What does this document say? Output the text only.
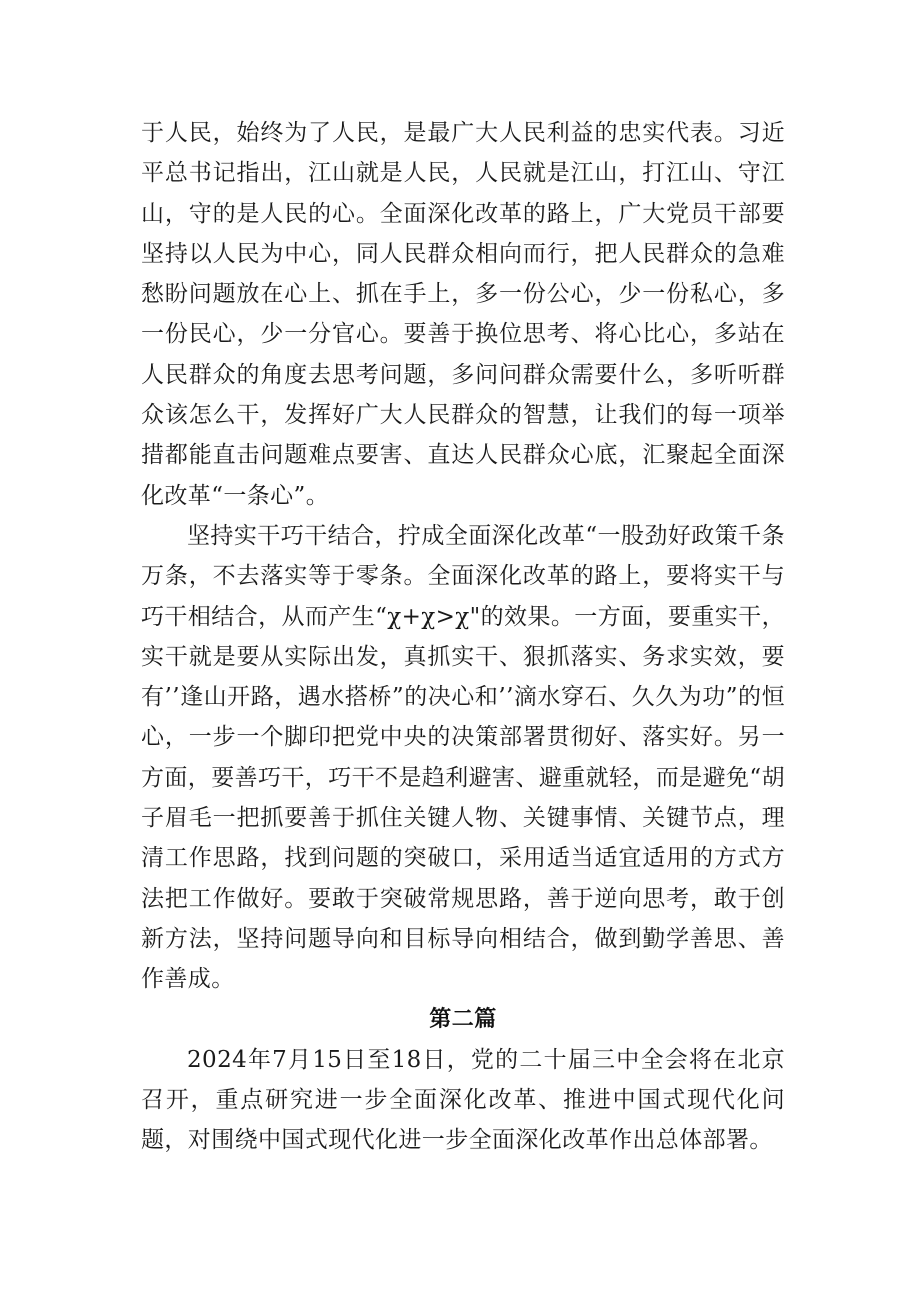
于人民，始终为了人民，是最广大人民利益的忠实代表。习近平总书记指出，江山就是人民，人民就是江山，打江山、守江山，守的是人民的心。全面深化改革的路上，广大党员干部要坚持以人民为中心，同人民群众相向而行，把人民群众的急难愁盼问题放在心上、抓在手上，多一份公心，少一份私心，多一份民心，少一分官心。要善于换位思考、将心比心，多站在人民群众的角度去思考问题，多问问群众需要什么，多听听群众该怎么干，发挥好广大人民群众的智慧，让我们的每一项举措都能直击问题难点要害、直达人民群众心底，汇聚起全面深化改革“一条心”。

坚持实干巧干结合，拧成全面深化改革“一股劲好政策千条万条，不去落实等于零条。全面深化改革的路上，要将实干与巧干相结合，从而产生“χ+χ>χ"的效果。一方面，要重实干，实干就是要从实际出发，真抓实干、狠抓落实、务求实效，要有’’逢山开路，遇水搭桥”的决心和’’滴水穿石、久久为功”的恒心，一步一个脚印把党中央的决策部署贯彻好、落实好。另一方面，要善巧干，巧干不是趋利避害、避重就轻，而是避免“胡子眉毛一把抓要善于抓住关键人物、关键事情、关键节点，理清工作思路，找到问题的突破口，采用适当适宜适用的方式方法把工作做好。要敢于突破常规思路，善于逆向思考，敢于创新方法，坚持问题导向和目标导向相结合，做到勤学善思、善作善成。

第二篇

2024年7月15日至18日，党的二十届三中全会将在北京召开，重点研究进一步全面深化改革、推进中国式现代化问题，对围绕中国式现代化进一步全面深化改革作出总体部署。
